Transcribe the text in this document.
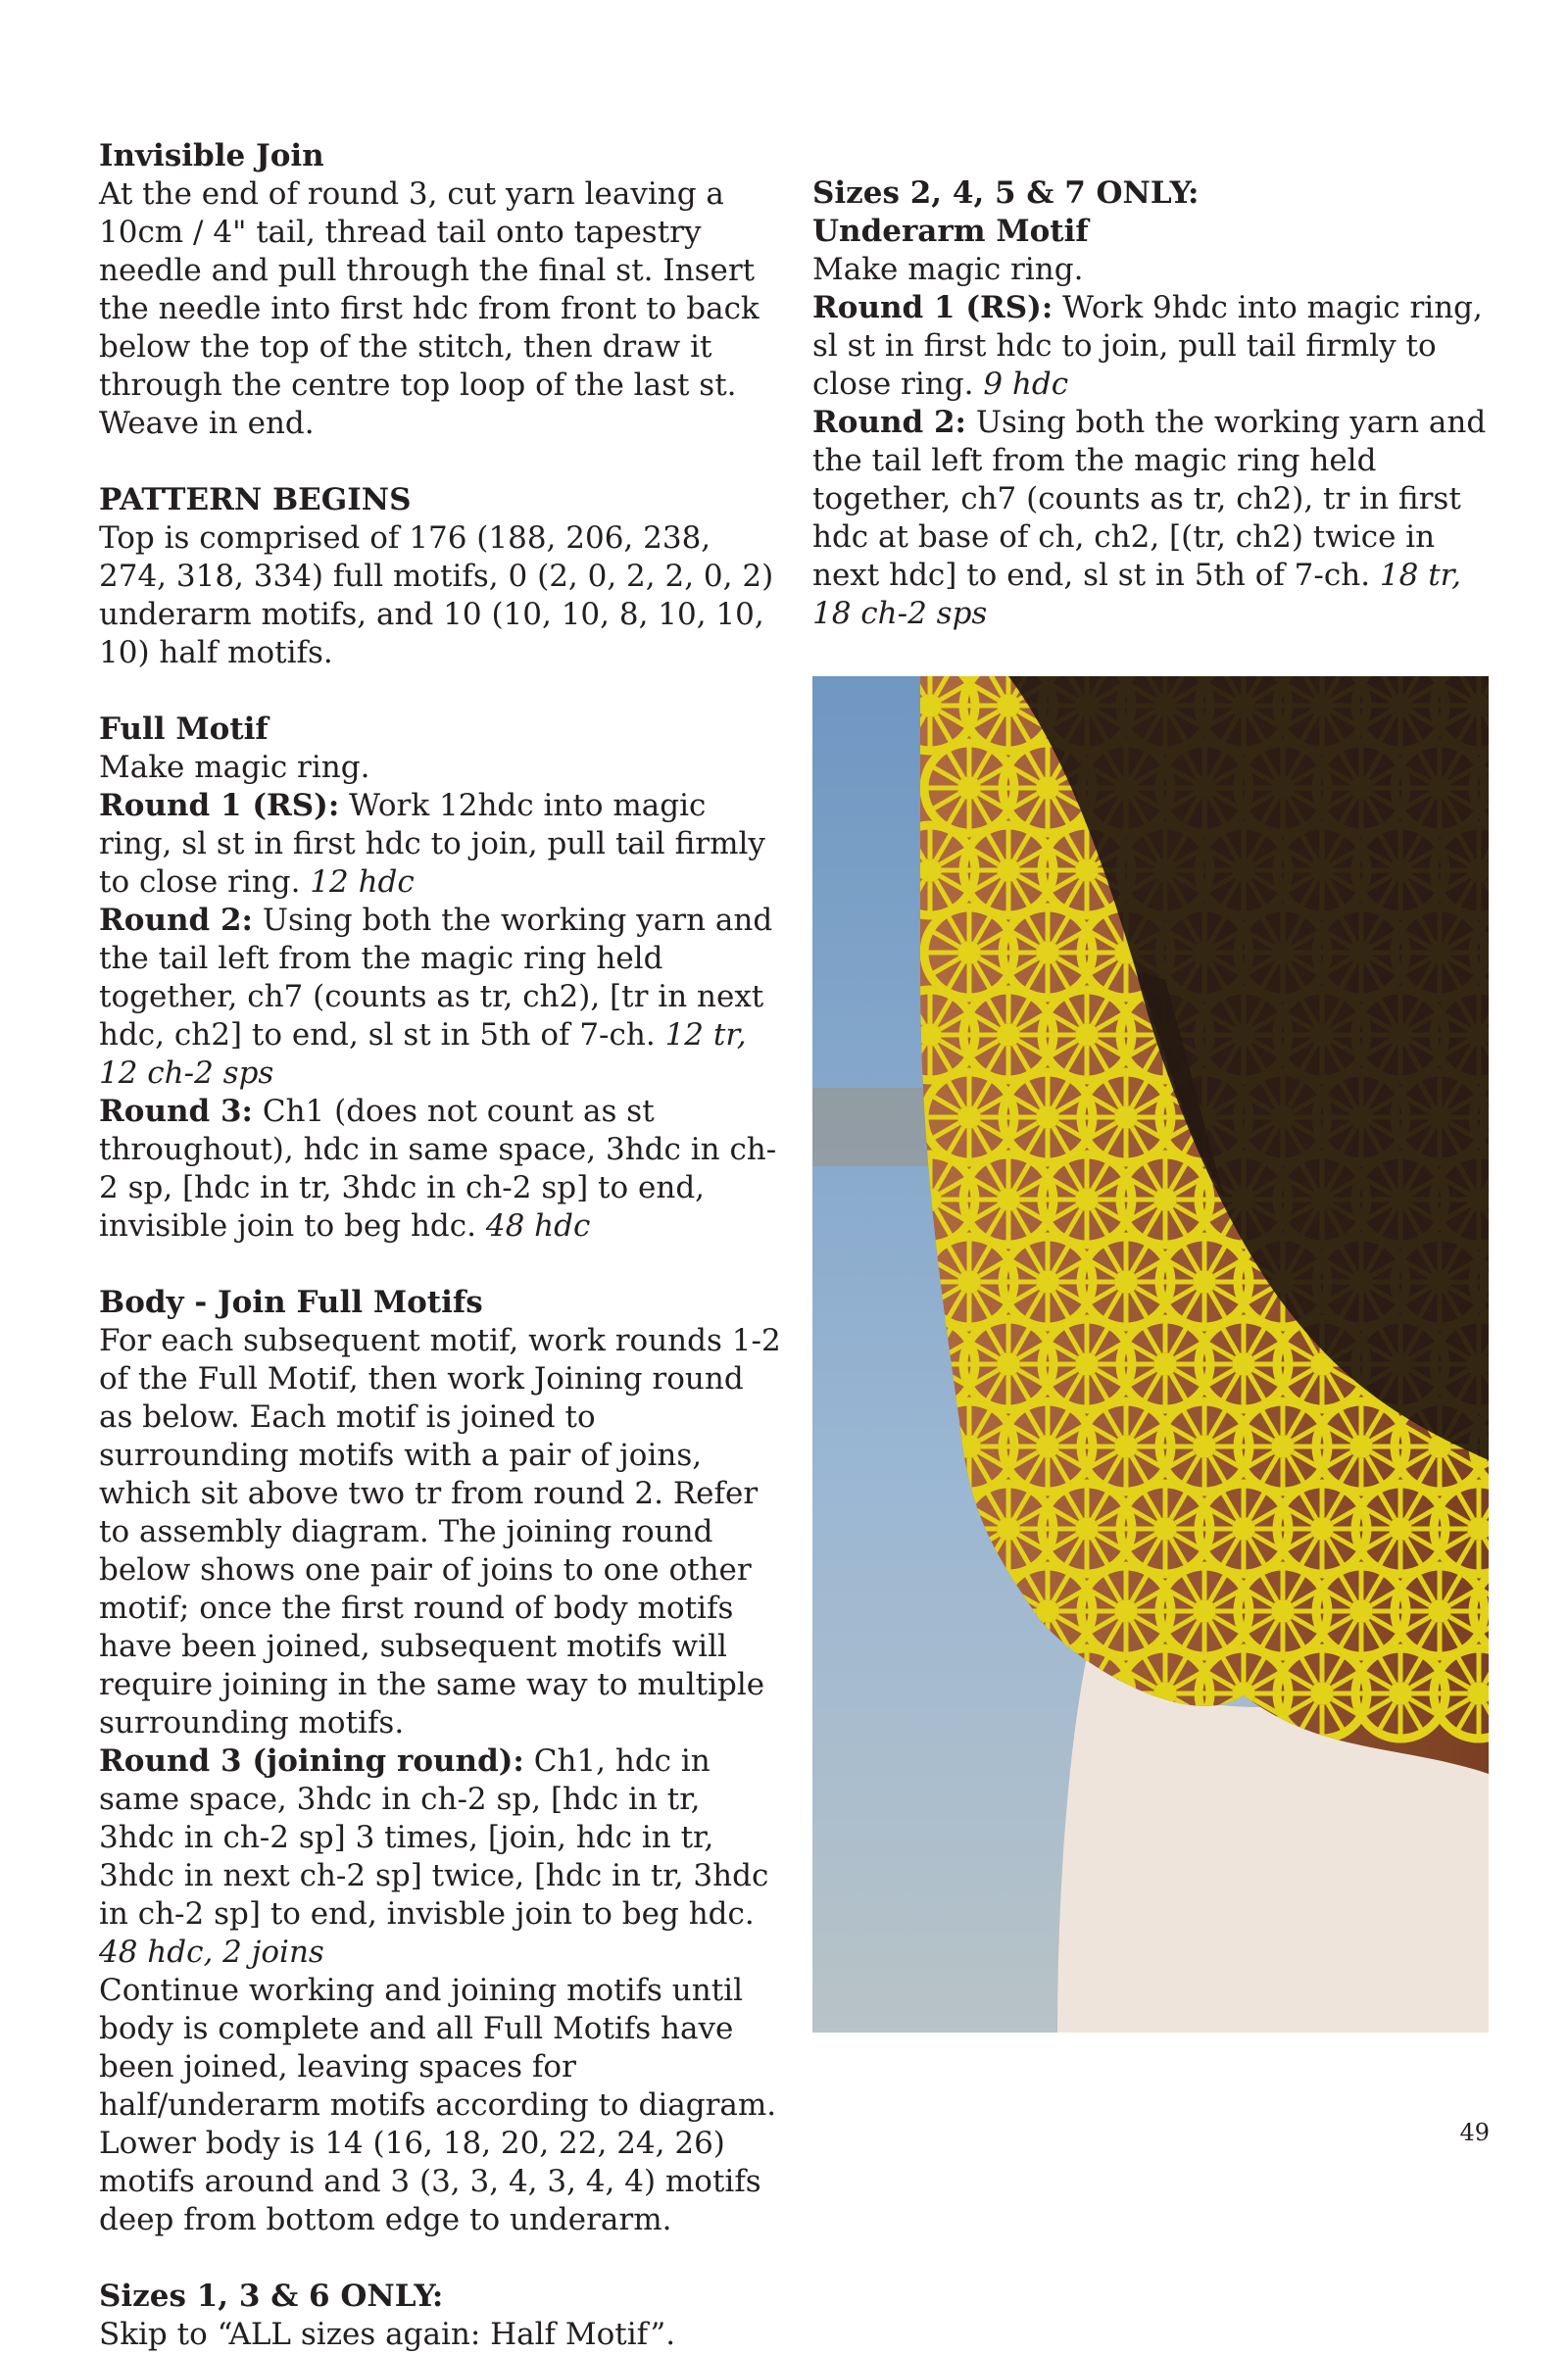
Invisible Join

At the end of round 3, cut yarn leaving a 10cm / 4" tail, thread tail onto tapestry needle and pull through the final st. Insert the needle into first hdc from front to back below the top of the stitch, then draw it through the centre top loop of the last st. Weave in end.

PATTERN BEGINS

Top is comprised of 176 (188, 206, 238, 274, 318, 334) full motifs, 0 (2, 0, 2, 2, 0, 2) underarm motifs, and 10 (10, 10, 8, 10, 10, 10) half motifs.

Full Motif

Make magic ring.

Round 1 (RS): Work 12hdc into magic ring, sl st in first hdc to join, pull tail firmly to close ring. 12 hdc

Round 2: Using both the working yarn and the tail left from the magic ring held together, ch7 (counts as tr, ch2), [tr in next hdc, ch2] to end, sl st in 5th of 7-ch. 12 tr, 12 ch-2 sps

Round 3: Ch1 (does not count as st throughout), hdc in same space, 3hdc in ch-2 sp, [hdc in tr, 3hdc in ch-2 sp] to end, invisible join to beg hdc. 48 hdc

Body - Join Full Motifs

For each subsequent motif, work rounds 1-2 of the Full Motif, then work Joining round as below. Each motif is joined to surrounding motifs with a pair of joins, which sit above two tr from round 2. Refer to assembly diagram. The joining round below shows one pair of joins to one other motif; once the first round of body motifs have been joined, subsequent motifs will require joining in the same way to multiple surrounding motifs.

Round 3 (joining round): Ch1, hdc in same space, 3hdc in ch-2 sp, [hdc in tr, 3hdc in ch-2 sp] 3 times, [join, hdc in tr, 3hdc in next ch-2 sp] twice, [hdc in tr, 3hdc in ch-2 sp] to end, invisble join to beg hdc. 48 hdc, 2 joins

Continue working and joining motifs until body is complete and all Full Motifs have been joined, leaving spaces for half/underarm motifs according to diagram. Lower body is 14 (16, 18, 20, 22, 24, 26) motifs around and 3 (3, 3, 4, 3, 4, 4) motifs deep from bottom edge to underarm.

Sizes 1, 3 & 6 ONLY:

Skip to “ALL sizes again: Half Motif”.

Sizes 2, 4, 5 & 7 ONLY:

Underarm Motif

Make magic ring.

Round 1 (RS): Work 9hdc into magic ring, sl st in first hdc to join, pull tail firmly to close ring. 9 hdc

Round 2: Using both the working yarn and the tail left from the magic ring held together, ch7 (counts as tr, ch2), tr in first hdc at base of ch, ch2, [(tr, ch2) twice in next hdc] to end, sl st in 5th of 7-ch. 18 tr, 18 ch-2 sps

49
